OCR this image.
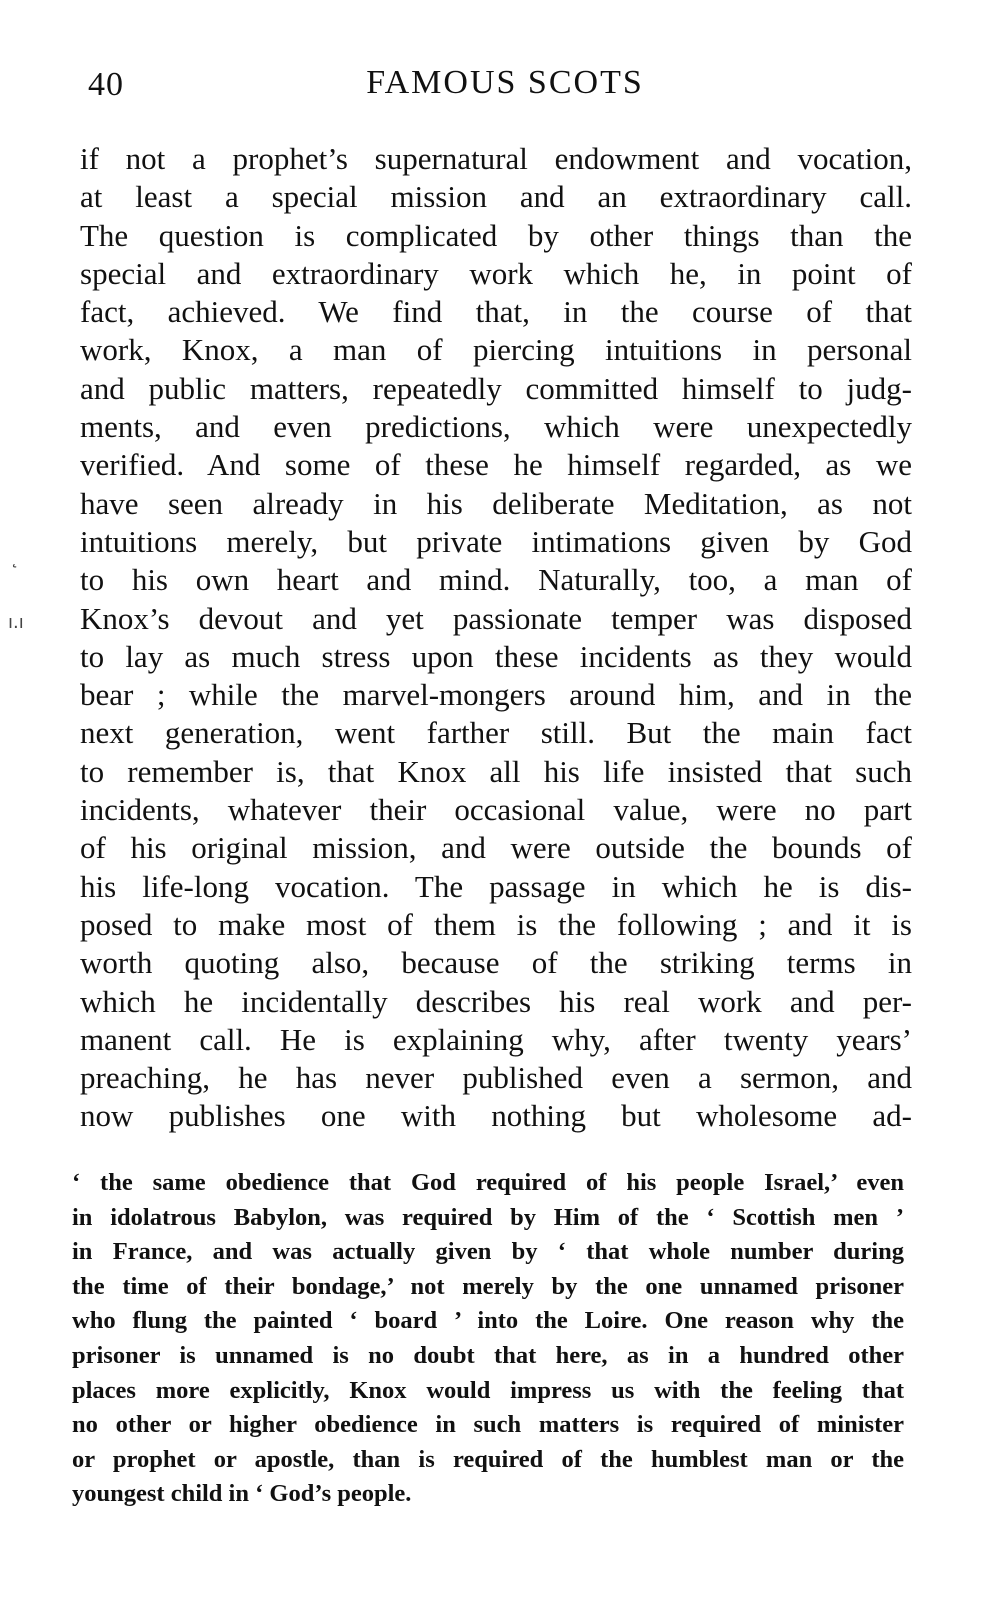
40	FAMOUS SCOTS
if not a prophet’s supernatural endowment and vocation,
at least a special mission and an extraordinary call.
The question is complicated by other things than the
special and extraordinary work which he, in point of
fact, achieved. We find that, in the course of that
work, Knox, a man of piercing intuitions in personal
and public matters, repeatedly committed himself to judg-
ments, and even predictions, which were unexpectedly
verified. And some of these he himself regarded, as we
have seen already in his deliberate Meditation, as not
intuitions merely, but private intimations given by God
to his own heart and mind. Naturally, too, a man of
Knox’s devout and yet passionate temper was disposed
to lay as much stress upon these incidents as they would
bear ; while the marvel-mongers around him, and in the
next generation, went farther still. But the main fact
to remember is, that Knox all his life insisted that such
incidents, whatever their occasional value, were no part
of his original mission, and were outside the bounds of
his life-long vocation. The passage in which he is dis-
posed to make most of them is the following ; and it is
worth quoting also, because of the striking terms in
which he incidentally describes his real work and per-
manent call. He is explaining why, after twenty years’
preaching, he has never published even a sermon, and
now publishes one with nothing but wholesome ad-
‘ the same obedience that God required of his people Israel,’ even
in idolatrous Babylon, was required by Him of the ‘ Scottish men ’
in France, and was actually given by ‘ that whole number during
the time of their bondage,’ not merely by the one unnamed prisoner
who flung the painted ‘ board ’ into the Loire. One reason why the
prisoner is unnamed is no doubt that here, as in a hundred other
places more explicitly, Knox would impress us with the feeling that
no other or higher obedience in such matters is required of minister
or prophet or apostle, than is required of the humblest man or the
youngest child in ‘ God’s people.
˛
ı.ı
